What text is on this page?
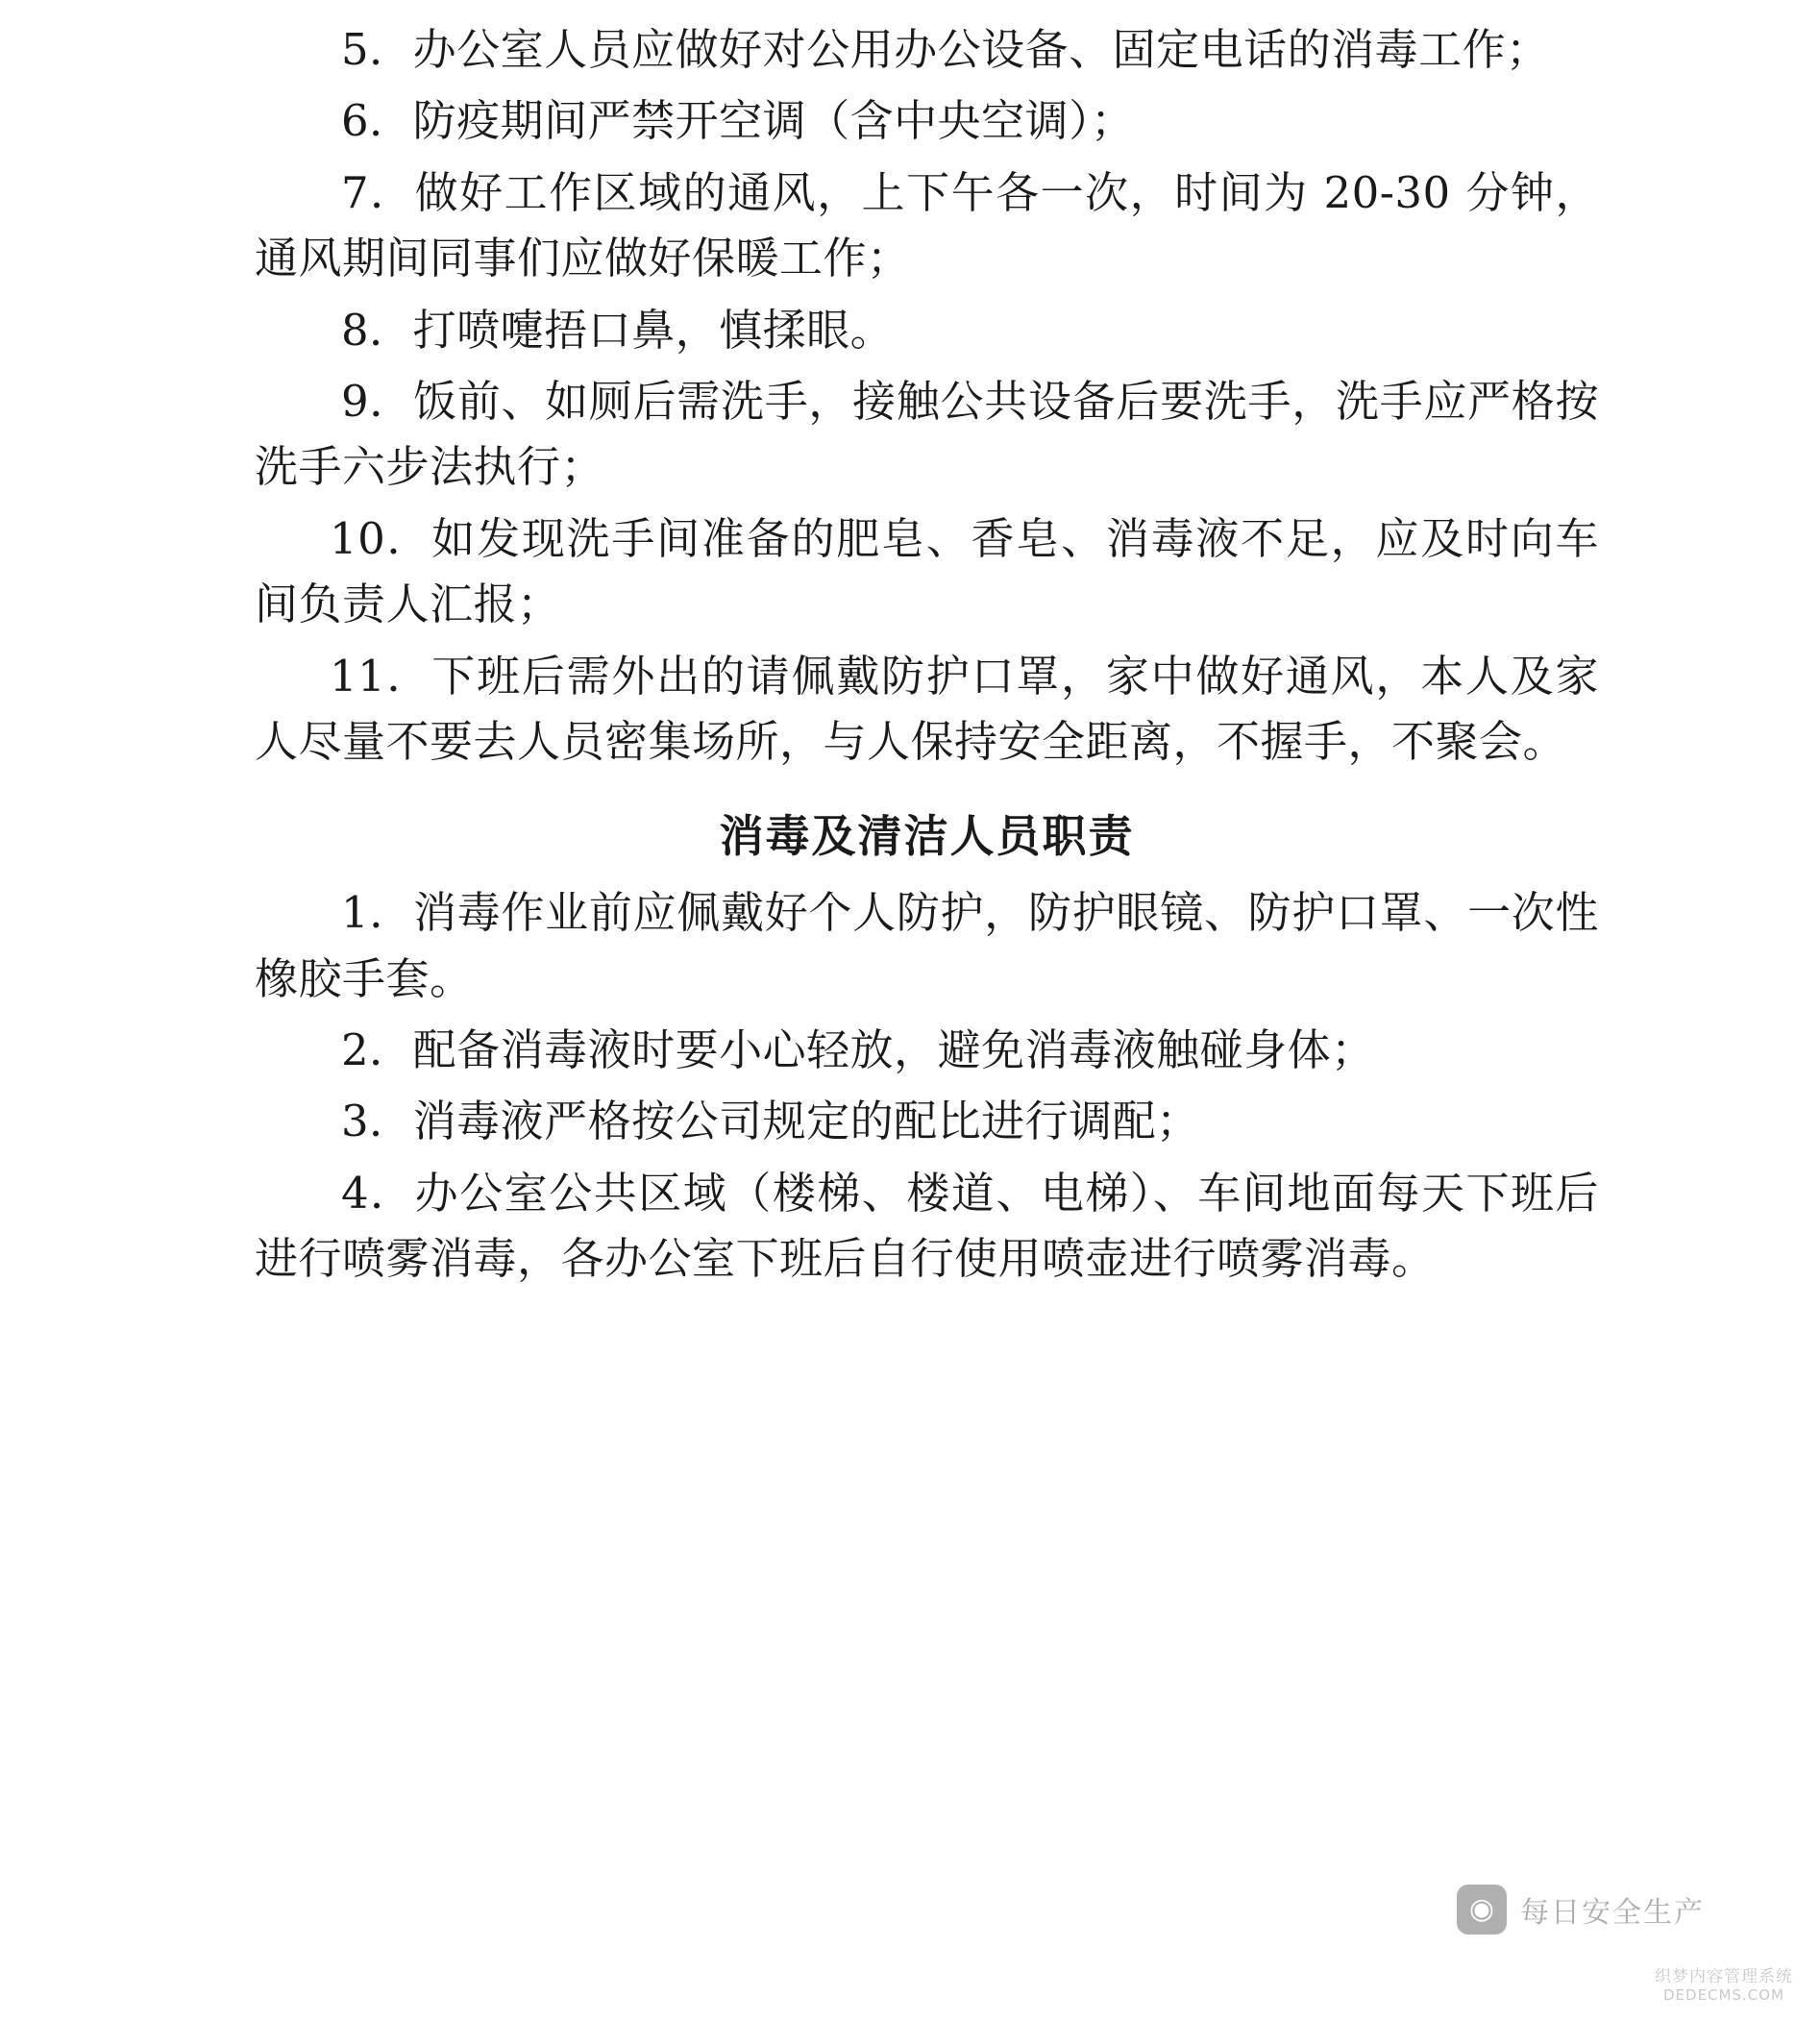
5．办公室人员应做好对公用办公设备、固定电话的消毒工作；

6．防疫期间严禁开空调（含中央空调）；

7．做好工作区域的通风，上下午各一次，时间为 20-30 分钟，通风期间同事们应做好保暖工作；

8．打喷嚏捂口鼻，慎揉眼。

9．饭前、如厕后需洗手，接触公共设备后要洗手，洗手应严格按洗手六步法执行；

10．如发现洗手间准备的肥皂、香皂、消毒液不足，应及时向车间负责人汇报；

11．下班后需外出的请佩戴防护口罩，家中做好通风，本人及家人尽量不要去人员密集场所，与人保持安全距离，不握手，不聚会。

消毒及清洁人员职责

1．消毒作业前应佩戴好个人防护，防护眼镜、防护口罩、一次性橡胶手套。

2．配备消毒液时要小心轻放，避免消毒液触碰身体；

3．消毒液严格按公司规定的配比进行调配；

4．办公室公共区域（楼梯、楼道、电梯）、车间地面每天下班后进行喷雾消毒，各办公室下班后自行使用喷壶进行喷雾消毒。

◉ 每日安全生产
织梦内容管理系统
DEDECMS.COM
